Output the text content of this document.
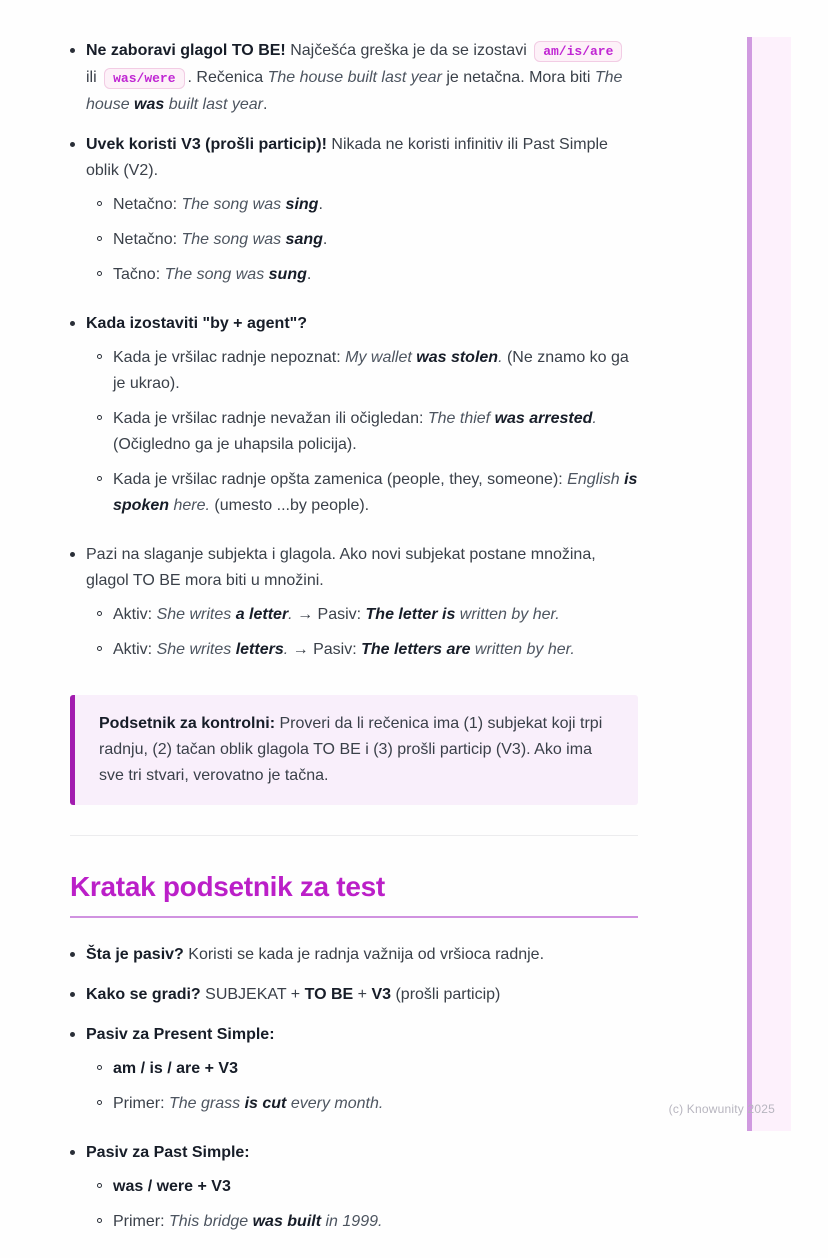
Ne zaboravi glagol TO BE! Najčešća greška je da se izostavi am/is/are ili was/were . Rečenica The house built last year je netačna. Mora biti The house was built last year.
Uvek koristi V3 (prošli particip)! Nikada ne koristi infinitiv ili Past Simple oblik (V2).
Netačno: The song was sing.
Netačno: The song was sang.
Tačno: The song was sung.
Kada izostaviti "by + agent"?
Kada je vršilac radnje nepoznat: My wallet was stolen. (Ne znamo ko ga je ukrao).
Kada je vršilac radnje nevažan ili očigledan: The thief was arrested. (Očigledno ga je uhapsila policija).
Kada je vršilac radnje opšta zamenica (people, they, someone): English is spoken here. (umesto ...by people).
Pazi na slaganje subjekta i glagola. Ako novi subjekat postane množina, glagol TO BE mora biti u množini.
Aktiv: She writes a letter. → Pasiv: The letter is written by her.
Aktiv: She writes letters. → Pasiv: The letters are written by her.

Podsetnik za kontrolni: Proveri da li rečenica ima (1) subjekat koji trpi radnju, (2) tačan oblik glagola TO BE i (3) prošli particip (V3). Ako ima sve tri stvari, verovatno je tačna.

Kratak podsetnik za test
Šta je pasiv? Koristi se kada je radnja važnija od vršioca radnje.
Kako se gradi? SUBJEKAT + TO BE + V3 (prošli particip)
Pasiv za Present Simple:
am / is / are + V3
Primer: The grass is cut every month.
Pasiv za Past Simple:
was / were + V3
Primer: This bridge was built in 1999.
(c) Knowunity 2025
